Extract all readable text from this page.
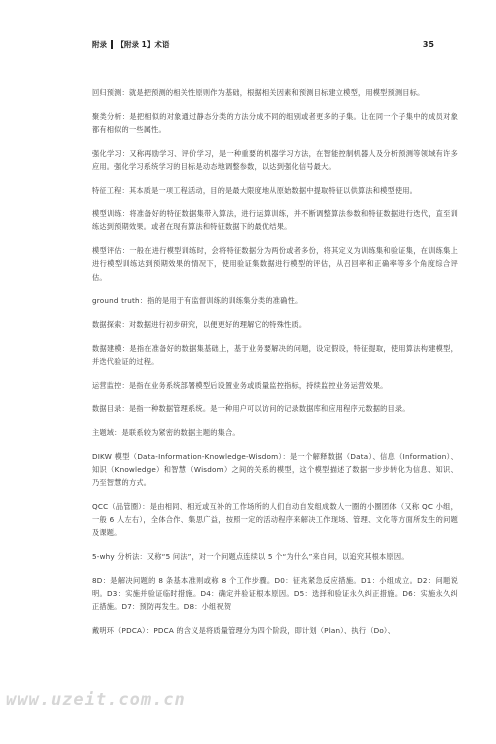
附录 【附录 1】术语	35

回归预测：就是把预测的相关性原则作为基础，根据相关因素和预测目标建立模型，用模型预测目标。

聚类分析：是把相似的对象通过静态分类的方法分成不同的组别或者更多的子集。让在同一个子集中的成员对象都有相似的一些属性。

强化学习：又称再励学习、评价学习，是一种重要的机器学习方法，在智能控制机器人及分析预测等领域有许多应用。强化学习系统学习的目标是动态地调整参数，以达到强化信号最大。

特征工程：其本质是一项工程活动，目的是最大限度地从原始数据中提取特征以供算法和模型使用。

模型训练：将准备好的特征数据集带入算法，进行运算训练，并不断调整算法参数和特征数据进行迭代，直至训练达到预期效果。或者在现有算法和特征数据下的最优结果。

模型评估：一般在进行模型训练时，会将特征数据分为两份或者多份，将其定义为训练集和验证集，在训练集上进行模型训练达到预期效果的情况下，使用验证集数据进行模型的评估，从召回率和正确率等多个角度综合评估。

ground truth：指的是用于有监督训练的训练集分类的准确性。

数据探索：对数据进行初步研究，以便更好的理解它的特殊性质。

数据建模：是指在准备好的数据集基础上，基于业务要解决的问题，设定假设，特征提取，使用算法构建模型，并迭代验证的过程。

运营监控：是指在业务系统部署模型后设置业务或质量监控指标，持续监控业务运营效果。

数据目录：是指一种数据管理系统。是一种用户可以访问的记录数据库和应用程序元数据的目录。

主题域：是联系较为紧密的数据主题的集合。

DIKW 模型（Data-Information-Knowledge-Wisdom）：是一个解释数据（Data）、信息（Information）、知识（Knowledge）和智慧（Wisdom）之间的关系的模型，这个模型描述了数据一步步转化为信息、知识、乃至智慧的方式。

QCC（品管圈）：是由相同、相近或互补的工作场所的人们自动自发组成数人一圈的小圈团体（又称 QC 小组，一般 6 人左右），全体合作、集思广益，按照一定的活动程序来解决工作现场、管理、文化等方面所发生的问题及课题。

5-why 分析法：又称“5 问法”，对一个问题点连续以 5 个“为什么”来自问，以追究其根本原因。

8D：是解决问题的 8 条基本准则或称 8 个工作步骤。D0：征兆紧急反应措施。D1：小组成立。D2：问题说明。D3：实施并验证临时措施。D4：确定并验证根本原因。D5：选择和验证永久纠正措施。D6：实施永久纠正措施。D7：预防再发生。D8：小组祝贺

戴明环（PDCA）：PDCA 的含义是将质量管理分为四个阶段，即计划（Plan）、执行（Do）、

www.uzeit.com.cn
